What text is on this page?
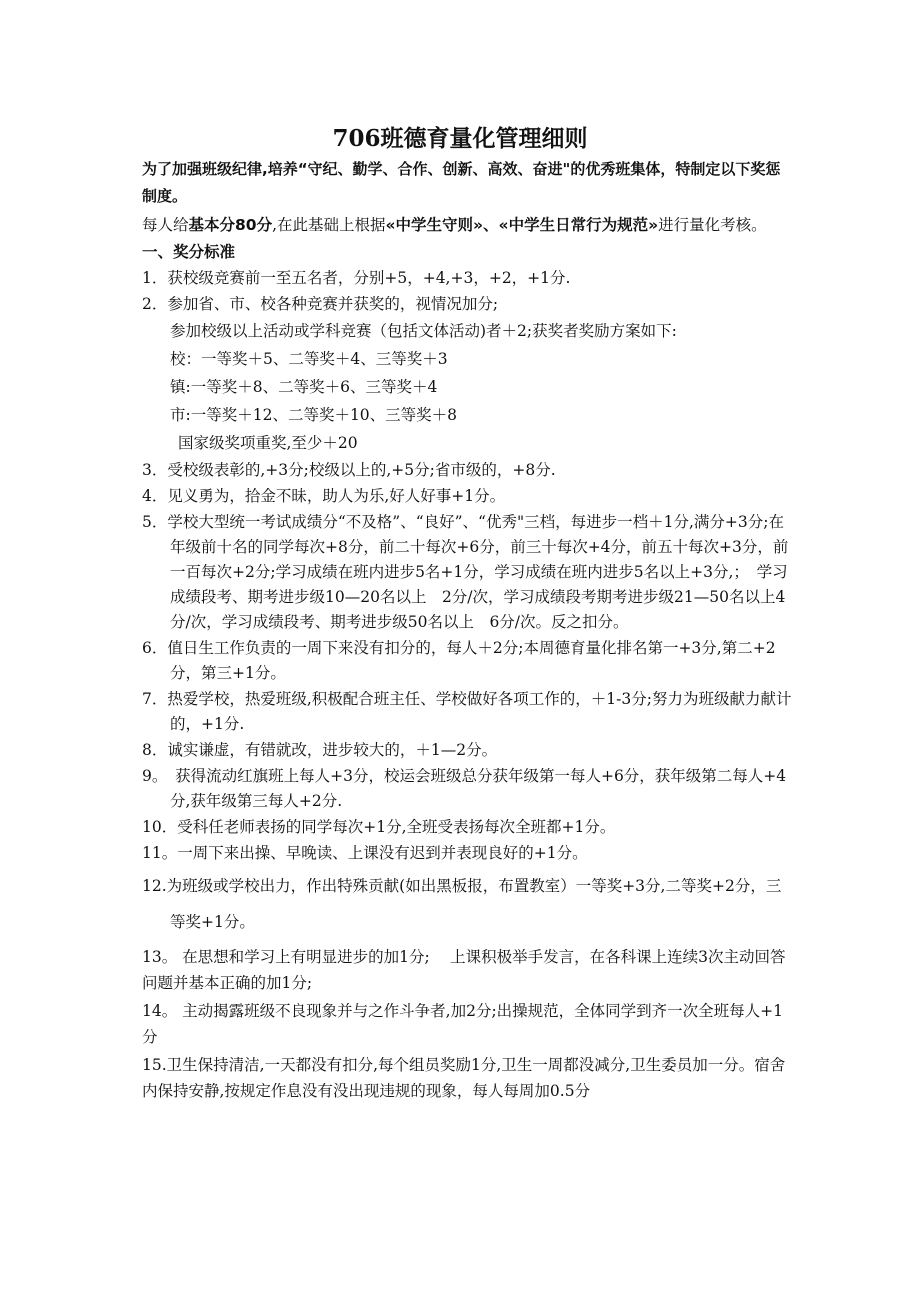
706班德育量化管理细则

为了加强班级纪律,培养“守纪、勤学、合作、创新、高效、奋进"的优秀班集体，特制定以下奖惩制度。

每人给基本分80分,在此基础上根据«中学生守则»、«中学生日常行为规范»进行量化考核。

一、奖分标准

1．获校级竞赛前一至五名者，分别+5，+4,+3，+2，+1分.

2．参加省、市、校各种竞赛并获奖的，视情况加分;

参加校级以上活动或学科竞赛（包括文体活动)者＋2;获奖者奖励方案如下:

校：一等奖＋5、二等奖＋4、三等奖＋3

镇:一等奖＋8、二等奖＋6、三等奖＋4

市:一等奖＋12、二等奖＋10、三等奖＋8

国家级奖项重奖,至少＋20

3．受校级表彰的,+3分;校级以上的,+5分;省市级的，+8分.

4．见义勇为，拾金不昧，助人为乐,好人好事+1分。

5．学校大型统一考试成绩分“不及格”、“良好”、“优秀"三档，每进步一档＋1分,满分+3分;在年级前十名的同学每次+8分，前二十每次+6分，前三十每次+4分，前五十每次+3分，前一百每次+2分;学习成绩在班内进步5名+1分，学习成绩在班内进步5名以上+3分,；　学习成绩段考、期考进步级10—20名以上　2分/次，学习成绩段考期考进步级21—50名以上4分/次，学习成绩段考、期考进步级50名以上　6分/次。反之扣分。

6．值日生工作负责的一周下来没有扣分的，每人＋2分;本周德育量化排名第一+3分,第二+2分，第三+1分。

7．热爱学校，热爱班级,积极配合班主任、学校做好各项工作的，＋1-3分;努力为班级献力献计的，+1分.

8．诚实谦虚，有错就改，进步较大的，＋1—2分。

9。　获得流动红旗班上每人+3分，校运会班级总分获年级第一每人+6分，获年级第二每人+4分,获年级第三每人+2分.

10．受科任老师表扬的同学每次+1分,全班受表扬每次全班都+1分。

11。一周下来出操、早晚读、上课没有迟到并表现良好的+1分。

12.为班级或学校出力，作出特殊贡献(如出黑板报，布置教室）一等奖+3分,二等奖+2分，三等奖+1分。

13。 在思想和学习上有明显进步的加1分;　 上课积极举手发言，在各科课上连续3次主动回答问题并基本正确的加1分;

14。 主动揭露班级不良现象并与之作斗争者,加2分;出操规范，全体同学到齐一次全班每人+1分

15.卫生保持清洁,一天都没有扣分,每个组员奖励1分,卫生一周都没减分,卫生委员加一分。宿舍内保持安静,按规定作息没有没出现违规的现象，每人每周加0.5分
